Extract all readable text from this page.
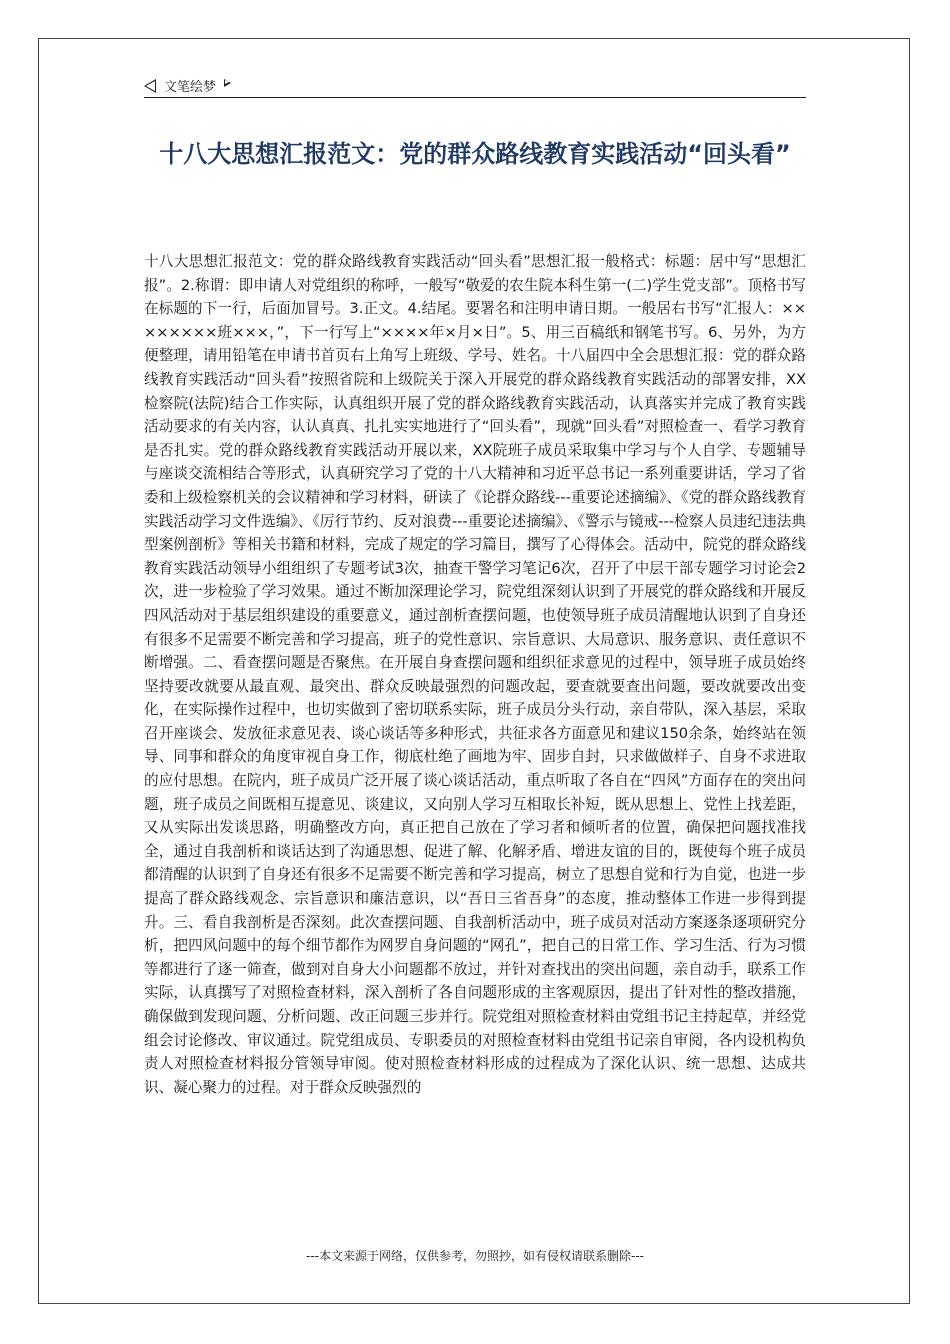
文笔绘梦
十八大思想汇报范文：党的群众路线教育实践活动“回头看”

十八大思想汇报范文：党的群众路线教育实践活动“回头看”思想汇报一般格式：标题：居中写“思想汇报”。2.称谓：即申请人对党组织的称呼，一般写“敬爱的农生院本科生第一(二)学生党支部”。顶格书写在标题的下一行，后面加冒号。3.正文。4.结尾。要署名和注明申请日期。一般居右书写“汇报人：××××××××班×××，”，下一行写上“××××年×月×日”。5、用三百稿纸和钢笔书写。6、另外，为方便整理，请用铅笔在申请书首页右上角写上班级、学号、姓名。十八届四中全会思想汇报：党的群众路线教育实践活动“回头看”按照省院和上级院关于深入开展党的群众路线教育实践活动的部署安排，XX检察院(法院)结合工作实际，认真组织开展了党的群众路线教育实践活动，认真落实并完成了教育实践活动要求的有关内容，认认真真、扎扎实实地进行了“回头看”，现就“回头看”对照检查一、看学习教育是否扎实。党的群众路线教育实践活动开展以来，XX院班子成员采取集中学习与个人自学、专题辅导与座谈交流相结合等形式，认真研究学习了党的十八大精神和习近平总书记一系列重要讲话，学习了省委和上级检察机关的会议精神和学习材料，研读了《论群众路线---重要论述摘编》、《党的群众路线教育实践活动学习文件选编》、《厉行节约、反对浪费---重要论述摘编》、《警示与镜戒---检察人员违纪违法典型案例剖析》等相关书籍和材料，完成了规定的学习篇目，撰写了心得体会。活动中，院党的群众路线教育实践活动领导小组组织了专题考试3次，抽查干警学习笔记6次，召开了中层干部专题学习讨论会2次，进一步检验了学习效果。通过不断加深理论学习，院党组深刻认识到了开展党的群众路线和开展反四风活动对于基层组织建设的重要意义，通过剖析查摆问题，也使领导班子成员清醒地认识到了自身还有很多不足需要不断完善和学习提高，班子的党性意识、宗旨意识、大局意识、服务意识、责任意识不断增强。二、看查摆问题是否聚焦。在开展自身查摆问题和组织征求意见的过程中，领导班子成员始终坚持要改就要从最直观、最突出、群众反映最强烈的问题改起，要查就要查出问题，要改就要改出变化，在实际操作过程中，也切实做到了密切联系实际，班子成员分头行动，亲自带队，深入基层，采取召开座谈会、发放征求意见表、谈心谈话等多种形式，共征求各方面意见和建议150余条，始终站在领导、同事和群众的角度审视自身工作，彻底杜绝了画地为牢、固步自封，只求做做样子、自身不求进取的应付思想。在院内，班子成员广泛开展了谈心谈话活动，重点听取了各自在“四风”方面存在的突出问题，班子成员之间既相互提意见、谈建议，又向别人学习互相取长补短，既从思想上、党性上找差距，又从实际出发谈思路，明确整改方向，真正把自己放在了学习者和倾听者的位置，确保把问题找准找全，通过自我剖析和谈话达到了沟通思想、促进了解、化解矛盾、增进友谊的目的，既使每个班子成员都清醒的认识到了自身还有很多不足需要不断完善和学习提高，树立了思想自觉和行为自觉，也进一步提高了群众路线观念、宗旨意识和廉洁意识，以“吾日三省吾身”的态度，推动整体工作进一步得到提升。三、看自我剖析是否深刻。此次查摆问题、自我剖析活动中，班子成员对活动方案逐条逐项研究分析，把四风问题中的每个细节都作为网罗自身问题的“网孔”，把自己的日常工作、学习生活、行为习惯等都进行了逐一筛查，做到对自身大小问题都不放过，并针对查找出的突出问题，亲自动手，联系工作实际，认真撰写了对照检查材料，深入剖析了各自问题形成的主客观原因，提出了针对性的整改措施，确保做到发现问题、分析问题、改正问题三步并行。院党组对照检查材料由党组书记主持起草，并经党组会讨论修改、审议通过。院党组成员、专职委员的对照检查材料由党组书记亲自审阅，各内设机构负责人对照检查材料报分管领导审阅。使对照检查材料形成的过程成为了深化认识、统一思想、达成共识、凝心聚力的过程。对于群众反映强烈的

---本文来源于网络，仅供参考，勿照抄，如有侵权请联系删除---
